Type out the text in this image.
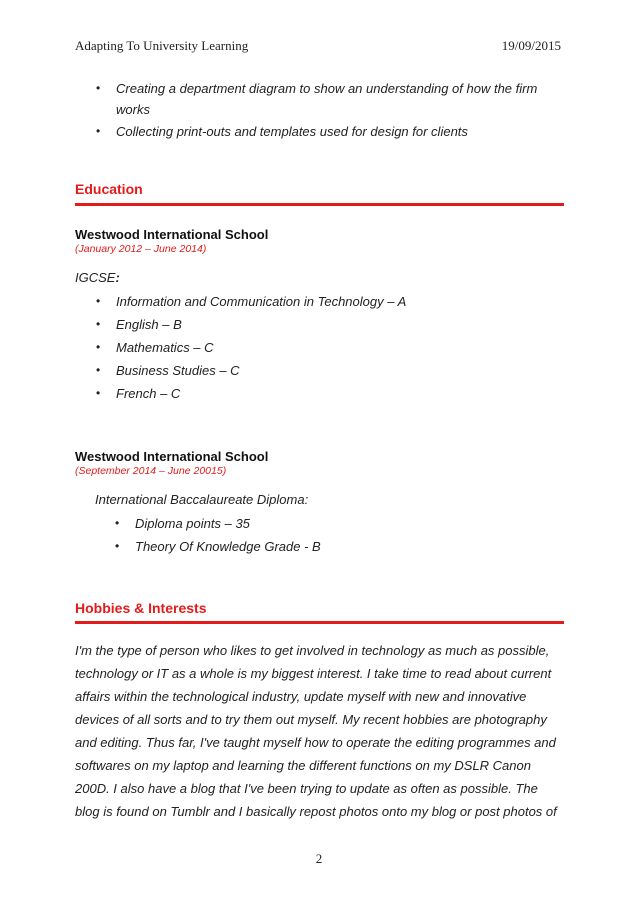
Adapting To University Learning	19/09/2015
• Creating a department diagram to show an understanding of how the firm
works
• Collecting print-outs and templates used for design for clients
Education
Westwood International School
(January 2012 – June 2014)
IGCSE:
• Information and Communication in Technology – A
• English – B
• Mathematics – C
• Business Studies – C
• French – C
Westwood International School
(September 2014 – June 20015)
International Baccalaureate Diploma:
• Diploma points – 35
• Theory Of Knowledge Grade - B
Hobbies & Interests
I'm the type of person who likes to get involved in technology as much as possible,
technology or IT as a whole is my biggest interest. I take time to read about current
affairs within the technological industry, update myself with new and innovative
devices of all sorts and to try them out myself. My recent hobbies are photography
and editing. Thus far, I've taught myself how to operate the editing programmes and
softwares on my laptop and learning the different functions on my DSLR Canon
200D. I also have a blog that I've been trying to update as often as possible. The
blog is found on Tumblr and I basically repost photos onto my blog or post photos of
2
